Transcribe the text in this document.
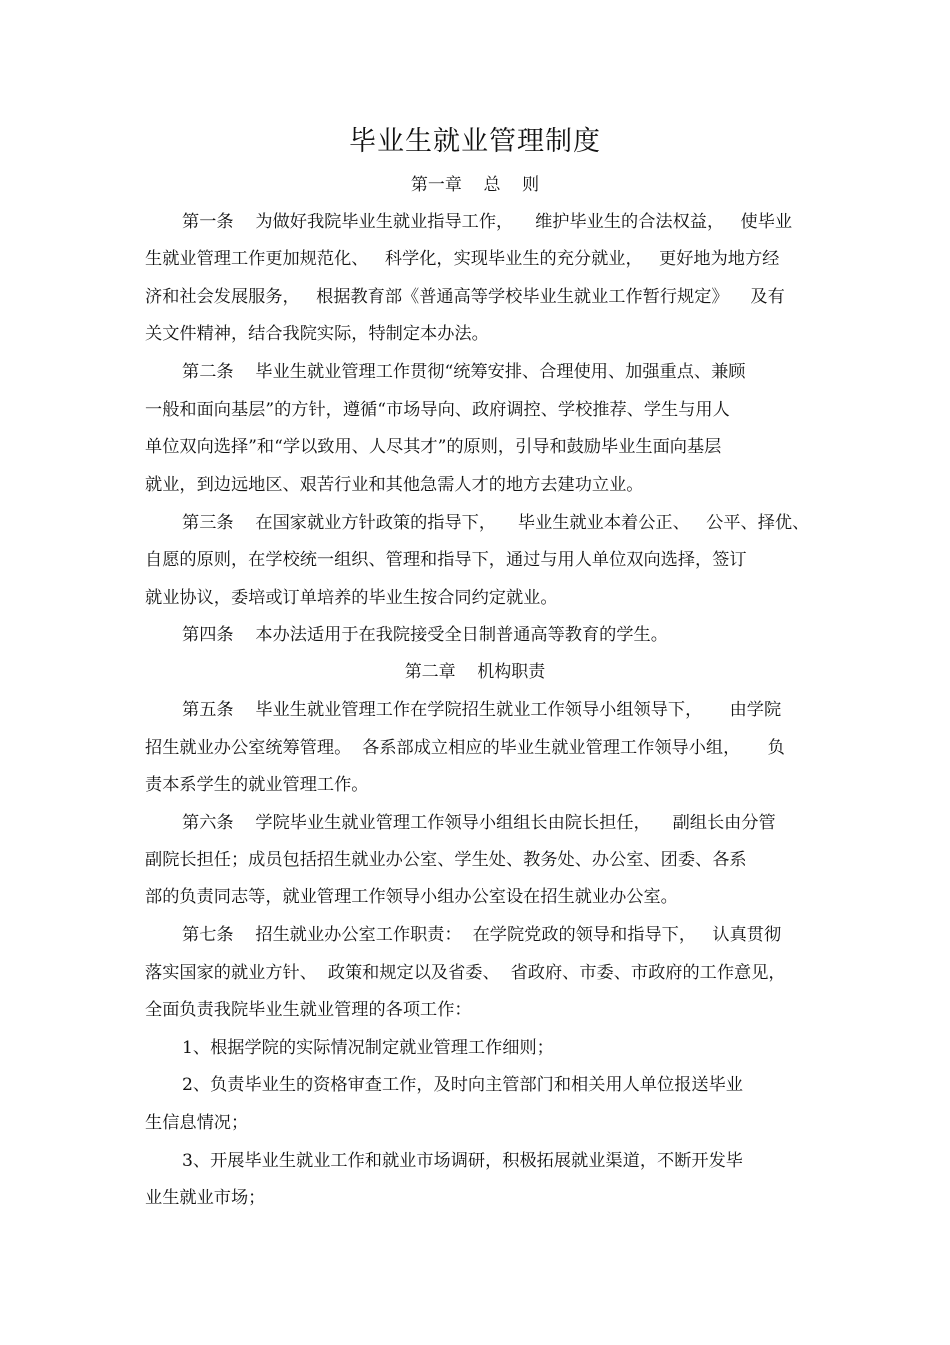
毕业生就业管理制度
第一章    总    则
第一条    为做好我院毕业生就业指导工作，    维护毕业生的合法权益，   使毕业
生就业管理工作更加规范化、   科学化，实现毕业生的充分就业，   更好地为地方经
济和社会发展服务，   根据教育部《普通高等学校毕业生就业工作暂行规定》    及有
关文件精神，结合我院实际，特制定本办法。
第二条    毕业生就业管理工作贯彻“统筹安排、合理使用、加强重点、兼顾
一般和面向基层”的方针，遵循“市场导向、政府调控、学校推荐、学生与用人
单位双向选择”和“学以致用、人尽其才”的原则，引导和鼓励毕业生面向基层
就业，到边远地区、艰苦行业和其他急需人才的地方去建功立业。
第三条    在国家就业方针政策的指导下，    毕业生就业本着公正、   公平、择优、
自愿的原则，在学校统一组织、管理和指导下，通过与用人单位双向选择，签订
就业协议，委培或订单培养的毕业生按合同约定就业。
第四条    本办法适用于在我院接受全日制普通高等教育的学生。
第二章    机构职责
第五条    毕业生就业管理工作在学院招生就业工作领导小组领导下，     由学院
招生就业办公室统筹管理。  各系部成立相应的毕业生就业管理工作领导小组，     负
责本系学生的就业管理工作。
第六条    学院毕业生就业管理工作领导小组组长由院长担任，    副组长由分管
副院长担任；成员包括招生就业办公室、学生处、教务处、办公室、团委、各系
部的负责同志等，就业管理工作领导小组办公室设在招生就业办公室。
第七条    招生就业办公室工作职责：  在学院党政的领导和指导下，   认真贯彻
落实国家的就业方针、  政策和规定以及省委、  省政府、市委、市政府的工作意见，
全面负责我院毕业生就业管理的各项工作：
1、根据学院的实际情况制定就业管理工作细则；
2、负责毕业生的资格审查工作，及时向主管部门和相关用人单位报送毕业
生信息情况；
3、开展毕业生就业工作和就业市场调研，积极拓展就业渠道，不断开发毕
业生就业市场；
